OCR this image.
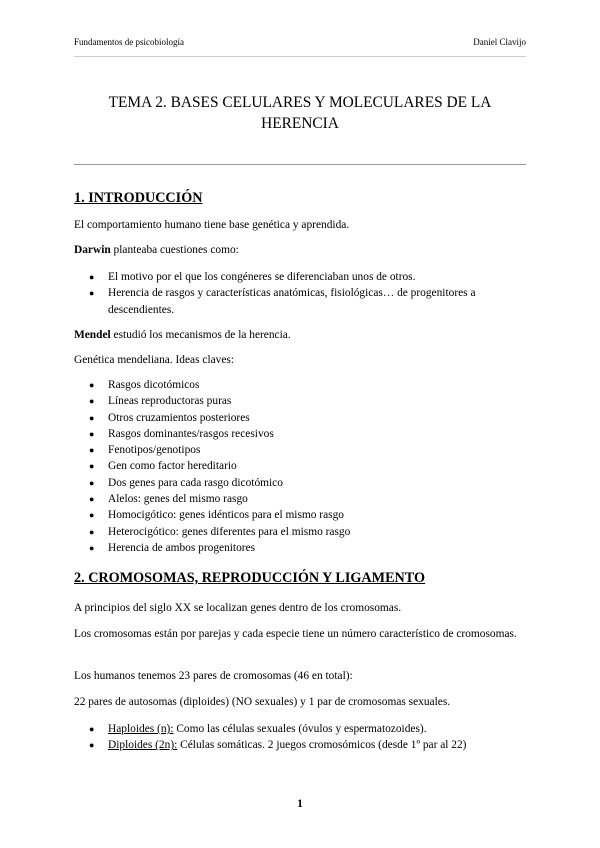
Fundamentos de psicobiología	Daniel Clavijo
TEMA 2. BASES CELULARES Y MOLECULARES DE LA HERENCIA
1. INTRODUCCIÓN
El comportamiento humano tiene base genética y aprendida.
Darwin planteaba cuestiones como:
● El motivo por el que los congéneres se diferenciaban unos de otros.
● Herencia de rasgos y características anatómicas, fisiológicas… de progenitores a descendientes.
Mendel estudió los mecanismos de la herencia.
Genética mendeliana. Ideas claves:
● Rasgos dicotómicos
● Líneas reproductoras puras
● Otros cruzamientos posteriores
● Rasgos dominantes/rasgos recesivos
● Fenotipos/genotipos
● Gen como factor hereditario
● Dos genes para cada rasgo dicotómico
● Alelos: genes del mismo rasgo
● Homocigótico: genes idénticos para el mismo rasgo
● Heterocigótico: genes diferentes para el mismo rasgo
● Herencia de ambos progenitores
2. CROMOSOMAS, REPRODUCCIÓN Y LIGAMENTO
A principios del siglo XX se localizan genes dentro de los cromosomas.
Los cromosomas están por parejas y cada especie tiene un número característico de cromosomas.
Los humanos tenemos 23 pares de cromosomas (46 en total):
22 pares de autosomas (diploides) (NO sexuales) y 1 par de cromosomas sexuales.
● Haploides (n): Como las células sexuales (óvulos y espermatozoides).
● Diploides (2n): Células somáticas. 2 juegos cromosómicos (desde 1º par al 22)
1
